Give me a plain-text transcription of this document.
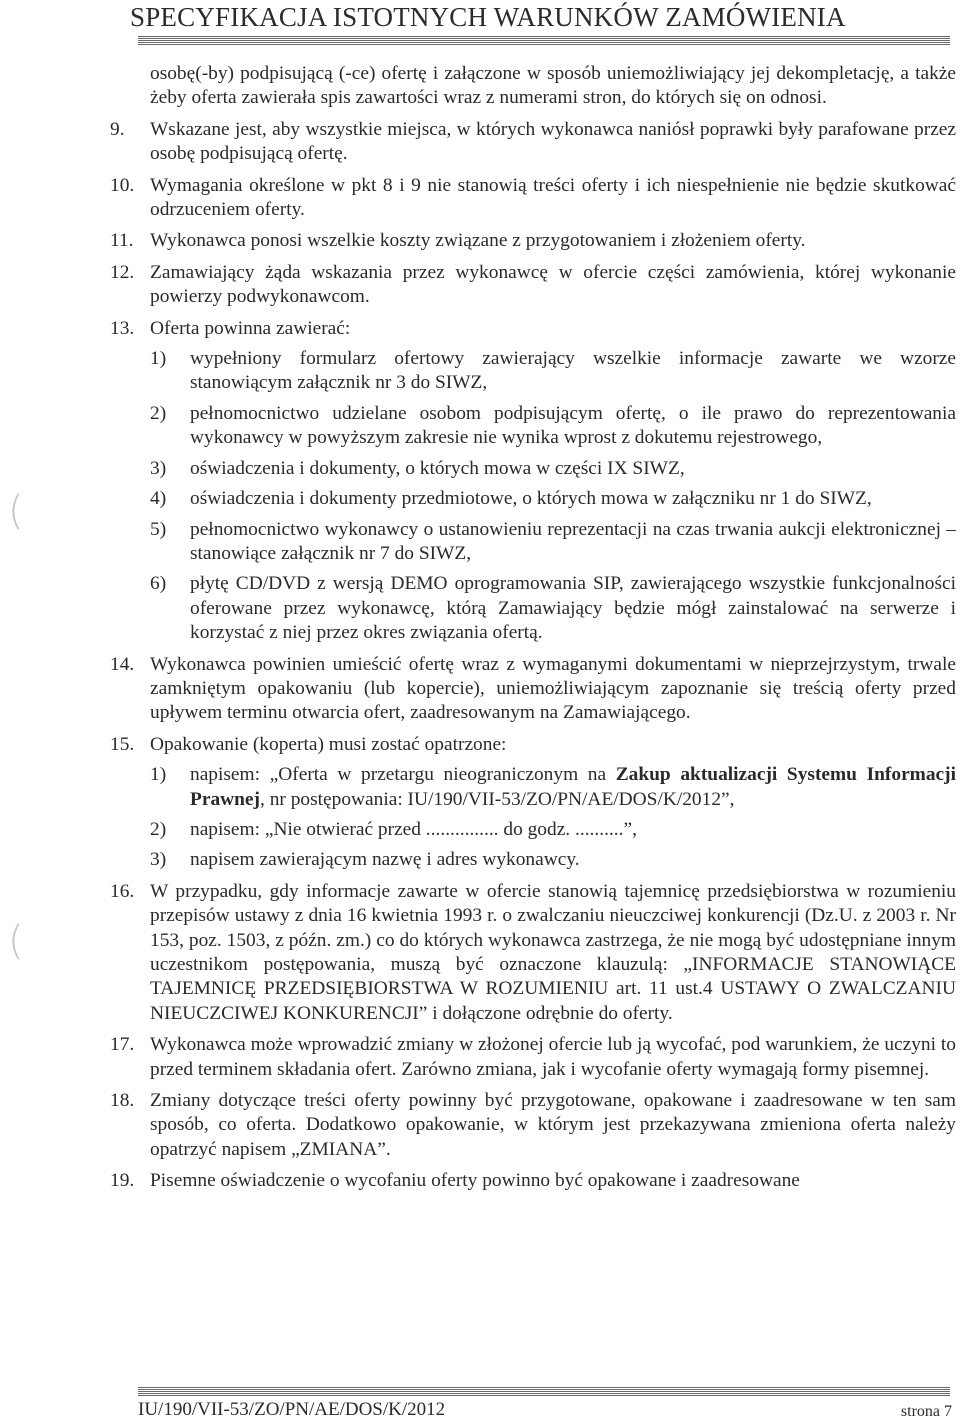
SPECYFIKACJA ISTOTNYCH WARUNKÓW ZAMÓWIENIA
(
(
osobę(-by) podpisującą (-ce) ofertę i załączone w sposób uniemożliwiający jej dekompletację, a także żeby oferta zawierała spis zawartości wraz z numerami stron, do których się on odnosi.
9. Wskazane jest, aby wszystkie miejsca, w których wykonawca naniósł poprawki były parafowane przez osobę podpisującą ofertę.
10. Wymagania określone w pkt 8 i 9 nie stanowią treści oferty i ich niespełnienie nie będzie skutkować odrzuceniem oferty.
11. Wykonawca ponosi wszelkie koszty związane z przygotowaniem i złożeniem oferty.
12. Zamawiający żąda wskazania przez wykonawcę w ofercie części zamówienia, której wykonanie powierzy podwykonawcom.
13. Oferta powinna zawierać:
1) wypełniony formularz ofertowy zawierający wszelkie informacje zawarte we wzorze stanowiącym załącznik nr 3 do SIWZ,
2) pełnomocnictwo udzielane osobom podpisującym ofertę, o ile prawo do reprezentowania wykonawcy w powyższym zakresie nie wynika wprost z dokutemu rejestrowego,
3) oświadczenia i dokumenty, o których mowa w części IX SIWZ,
4) oświadczenia i dokumenty przedmiotowe, o których mowa w załączniku nr 1 do SIWZ,
5) pełnomocnictwo wykonawcy o ustanowieniu reprezentacji na czas trwania aukcji elektronicznej – stanowiące załącznik nr 7 do SIWZ,
6) płytę CD/DVD z wersją DEMO oprogramowania SIP, zawierającego wszystkie funkcjonalności oferowane przez wykonawcę, którą Zamawiający będzie mógł zainstalować na serwerze i korzystać z niej przez okres związania ofertą.
14. Wykonawca powinien umieścić ofertę wraz z wymaganymi dokumentami w nieprzejrzystym, trwale zamkniętym opakowaniu (lub kopercie), uniemożliwiającym zapoznanie się treścią oferty przed upływem terminu otwarcia ofert, zaadresowanym na Zamawiającego.
15. Opakowanie (koperta) musi zostać opatrzone:
1) napisem: „Oferta w przetargu nieograniczonym na Zakup aktualizacji Systemu Informacji Prawnej, nr postępowania: IU/190/VII-53/ZO/PN/AE/DOS/K/2012”,
2) napisem: „Nie otwierać przed ............... do godz. ..........”,
3) napisem zawierającym nazwę i adres wykonawcy.
16. W przypadku, gdy informacje zawarte w ofercie stanowią tajemnicę przedsiębiorstwa w rozumieniu przepisów ustawy z dnia 16 kwietnia 1993 r. o zwalczaniu nieuczciwej konkurencji (Dz.U. z 2003 r. Nr 153, poz. 1503, z późn. zm.) co do których wykonawca zastrzega, że nie mogą być udostępniane innym uczestnikom postępowania, muszą być oznaczone klauzulą: „INFORMACJE STANOWIĄCE TAJEMNICĘ PRZEDSIĘBIORSTWA W ROZUMIENIU art. 11 ust.4 USTAWY O ZWALCZANIU NIEUCZCIWEJ KONKURENCJI” i dołączone odrębnie do oferty.
17. Wykonawca może wprowadzić zmiany w złożonej ofercie lub ją wycofać, pod warunkiem, że uczyni to przed terminem składania ofert. Zarówno zmiana, jak i wycofanie oferty wymagają formy pisemnej.
18. Zmiany dotyczące treści oferty powinny być przygotowane, opakowane i zaadresowane w ten sam sposób, co oferta. Dodatkowo opakowanie, w którym jest przekazywana zmieniona oferta należy opatrzyć napisem „ZMIANA”.
19. Pisemne oświadczenie o wycofaniu oferty powinno być opakowane i zaadresowane
IU/190/VII-53/ZO/PN/AE/DOS/K/2012	strona 7
